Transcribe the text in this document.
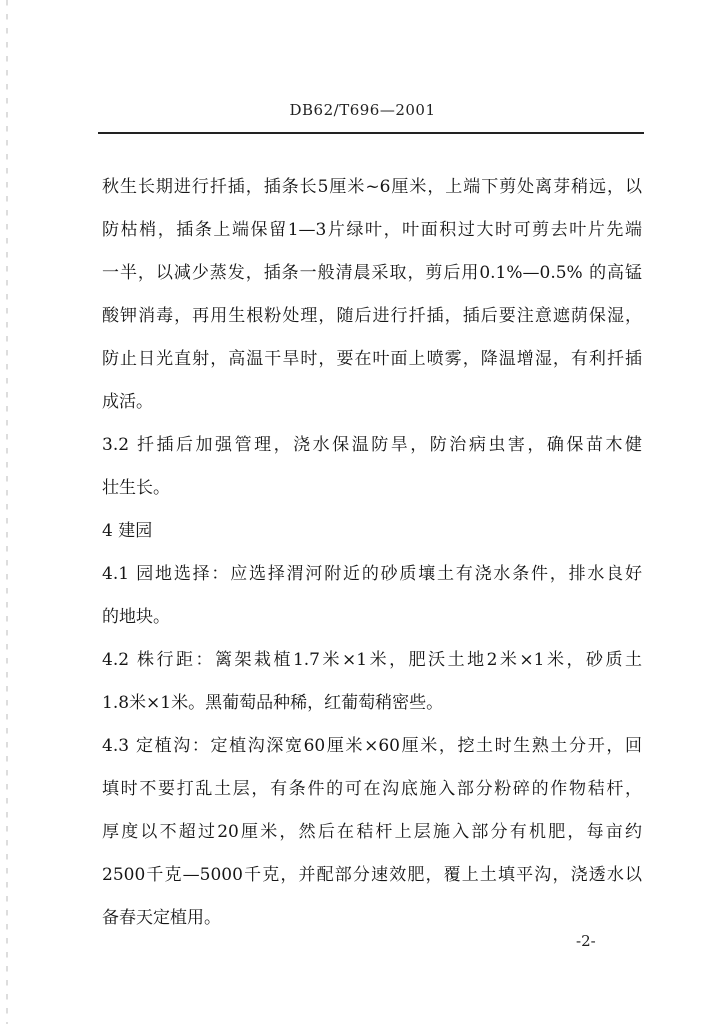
DB62/T696—2001
秋生长期进行扦插，插条长5厘米~6厘米，上端下剪处离芽稍远，以
防枯梢，插条上端保留1—3片绿叶，叶面积过大时可剪去叶片先端
一半，以减少蒸发，插条一般清晨采取，剪后用0.1%—0.5% 的高锰
酸钾消毒，再用生根粉处理，随后进行扦插，插后要注意遮荫保湿，
防止日光直射，高温干旱时，要在叶面上喷雾，降温增湿，有利扦插
成活。
3.2 扦插后加强管理，浇水保温防旱，防治病虫害，确保苗木健
壮生长。
4 建园
4.1 园地选择：应选择渭河附近的砂质壤土有浇水条件，排水良好
的地块。
4.2 株行距：篱架栽植1.7米×1米，肥沃土地2米×1米，砂质土
1.8米×1米。黑葡萄品种稀，红葡萄稍密些。
4.3 定植沟：定植沟深宽60厘米×60厘米，挖土时生熟土分开，回
填时不要打乱土层，有条件的可在沟底施入部分粉碎的作物秸杆，
厚度以不超过20厘米，然后在秸杆上层施入部分有机肥，每亩约
2500千克—5000千克，并配部分速效肥，覆上土填平沟，浇透水以
备春天定植用。
-2-
